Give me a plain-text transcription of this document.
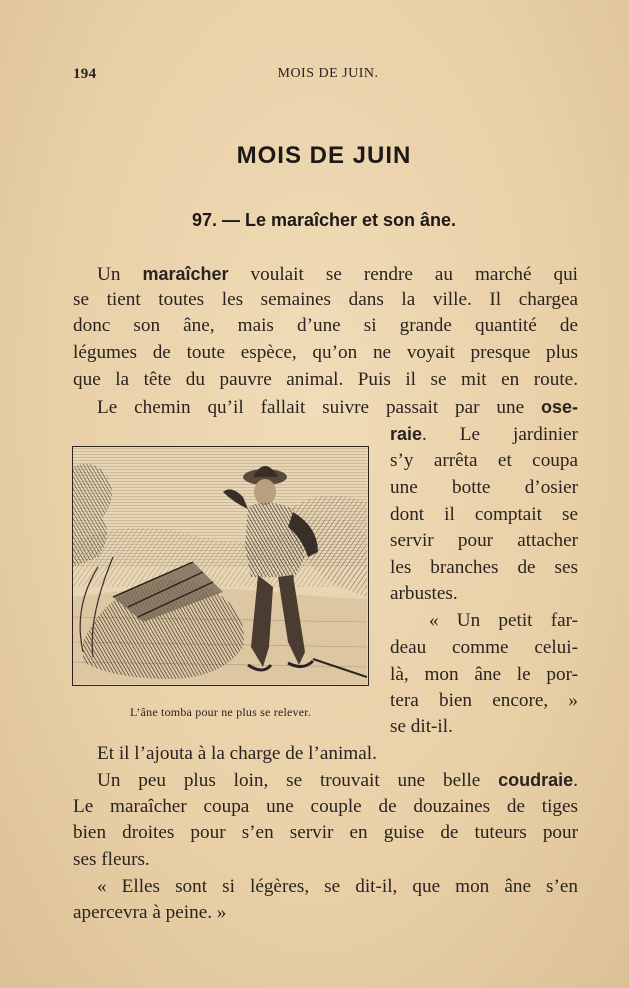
194	MOIS DE JUIN.
MOIS DE JUIN
97. — Le maraîcher et son âne.
Un maraîcher voulait se rendre au marché qui
se tient toutes les semaines dans la ville. Il chargea
donc son âne, mais d’une si grande quantité de
légumes de toute espèce, qu’on ne voyait presque plus
que la tête du pauvre animal. Puis il se mit en route.
Le chemin qu’il fallait suivre passait par une ose-
raie. Le jardinier
s’y arrêta et coupa
une botte d’osier
dont il comptait se
servir pour attacher
les branches de ses
arbustes.
« Un petit far-
deau comme celui-
là, mon âne le por-
tera bien encore, »
se dit-il.
Et il l’ajouta à la charge de l’animal.
Un peu plus loin, se trouvait une belle coudraie.
Le maraîcher coupa une couple de douzaines de tiges
bien droites pour s’en servir en guise de tuteurs pour
ses fleurs.
« Elles sont si légères, se dit-il, que mon âne s’en
apercevra à peine. »
L’âne tomba pour ne plus se relever.
